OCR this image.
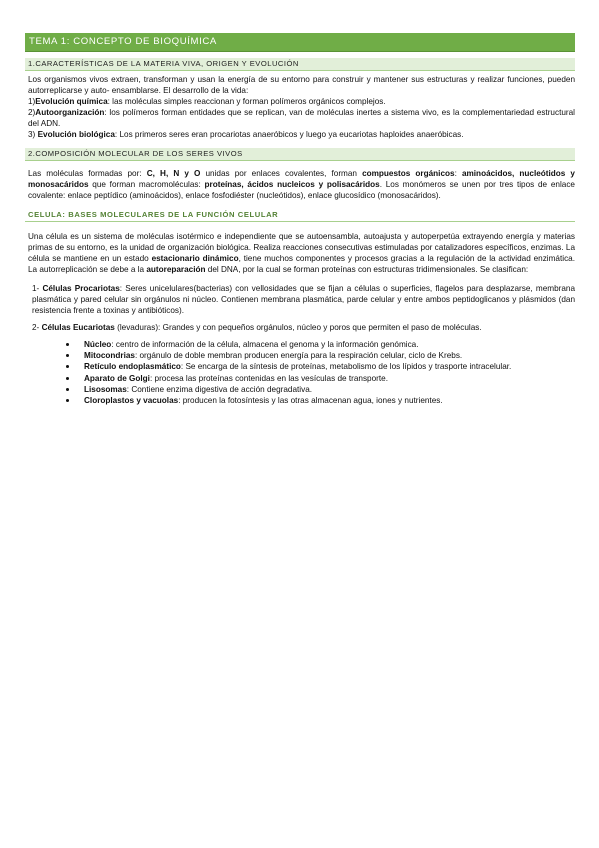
TEMA 1: CONCEPTO DE BIOQUÍMICA
1.CARACTERÍSTICAS DE LA MATERIA VIVA, ORIGEN Y EVOLUCIÓN

Los organismos vivos extraen, transforman y usan la energía de su entorno para construir y mantener sus estructuras y realizar funciones, pueden autorreplicarse y auto- ensamblarse. El desarrollo de la vida:

1)Evolución química: las moléculas simples reaccionan y forman polímeros orgánicos complejos.

2)Autoorganización: los polímeros forman entidades que se replican, van de moléculas inertes a sistema vivo, es la complementariedad estructural del ADN.

3) Evolución biológica: Los primeros seres eran procariotas anaeróbicos y luego ya eucariotas haploides anaeróbicas.

2.COMPOSICIÓN MOLECULAR DE LOS SERES VIVOS

Las moléculas formadas por: C, H, N y O unidas por enlaces covalentes, forman compuestos orgánicos: aminoácidos, nucleótidos y monosacáridos que forman macromoléculas: proteínas, ácidos nucleicos y polisacáridos. Los monómeros se unen por tres tipos de enlace covalente: enlace peptídico (aminoácidos), enlace fosfodiéster (nucleótidos), enlace glucosídico (monosacáridos).

CELULA: BASES MOLECULARES DE LA FUNCIÓN CELULAR

Una célula es un sistema de moléculas isotérmico e independiente que se autoensambla, autoajusta y autoperpetúa extrayendo energía y materias primas de su entorno, es la unidad de organización biológica. Realiza reacciones consecutivas estimuladas por catalizadores específicos, enzimas. La célula se mantiene en un estado estacionario dinámico, tiene muchos componentes y procesos gracias a la regulación de la actividad enzimática. La autorreplicación se debe a la autoreparación del DNA, por la cual se forman proteínas con estructuras tridimensionales. Se clasifican:

1- Células Procariotas: Seres unicelulares(bacterias) con vellosidades que se fijan a células o superficies, flagelos para desplazarse, membrana plasmática y pared celular sin orgánulos ni núcleo. Contienen membrana plasmática, parde celular y entre ambos peptidoglicanos y plásmidos (dan resistencia frente a toxinas y antibióticos).

2- Células Eucariotas (levaduras): Grandes y con pequeños orgánulos, núcleo y poros que permiten el paso de moléculas.

Núcleo: centro de información de la célula, almacena el genoma y la información genómica.
Mitocondrias: orgánulo de doble membran producen energía para la respiración celular, ciclo de Krebs.
Retículo endoplasmático: Se encarga de la síntesis de proteínas, metabolismo de los lípidos y trasporte intracelular.
Aparato de Golgi: procesa las proteínas contenidas en las vesículas de transporte.
Lisosomas: Contiene enzima digestiva de acción degradativa.
Cloroplastos y vacuolas: producen la fotosíntesis y las otras almacenan agua, iones y nutrientes.
